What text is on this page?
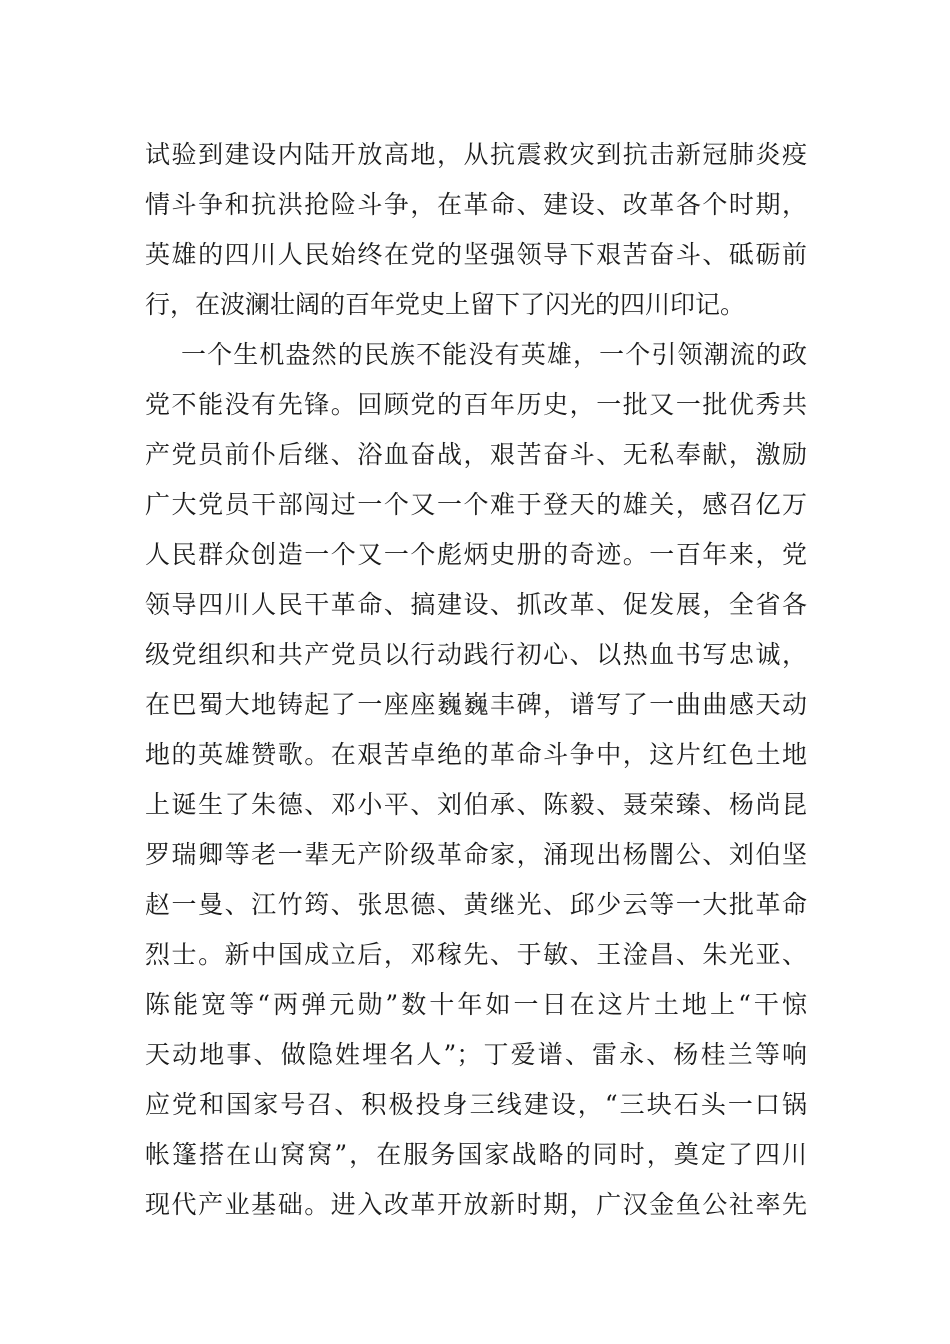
试验到建设内陆开放高地，从抗震救灾到抗击新冠肺炎疫
情斗争和抗洪抢险斗争，在革命、建设、改革各个时期，
英雄的四川人民始终在党的坚强领导下艰苦奋斗、砥砺前
行，在波澜壮阔的百年党史上留下了闪光的四川印记。
一个生机盎然的民族不能没有英雄，一个引领潮流的政
党不能没有先锋。回顾党的百年历史，一批又一批优秀共
产党员前仆后继、浴血奋战，艰苦奋斗、无私奉献，激励
广大党员干部闯过一个又一个难于登天的雄关，感召亿万
人民群众创造一个又一个彪炳史册的奇迹。一百年来，党
领导四川人民干革命、搞建设、抓改革、促发展，全省各
级党组织和共产党员以行动践行初心、以热血书写忠诚，
在巴蜀大地铸起了一座座巍巍丰碑，谱写了一曲曲感天动
地的英雄赞歌。在艰苦卓绝的革命斗争中，这片红色土地
上诞生了朱德、邓小平、刘伯承、陈毅、聂荣臻、杨尚昆
罗瑞卿等老一辈无产阶级革命家，涌现出杨闇公、刘伯坚
赵一曼、江竹筠、张思德、黄继光、邱少云等一大批革命
烈士。新中国成立后，邓稼先、于敏、王淦昌、朱光亚、
陈能宽等“两弹元勋”数十年如一日在这片土地上“干惊
天动地事、做隐姓埋名人”；丁爱谱、雷永、杨桂兰等响
应党和国家号召、积极投身三线建设，“三块石头一口锅
帐篷搭在山窝窝”，在服务国家战略的同时，奠定了四川
现代产业基础。进入改革开放新时期，广汉金鱼公社率先
